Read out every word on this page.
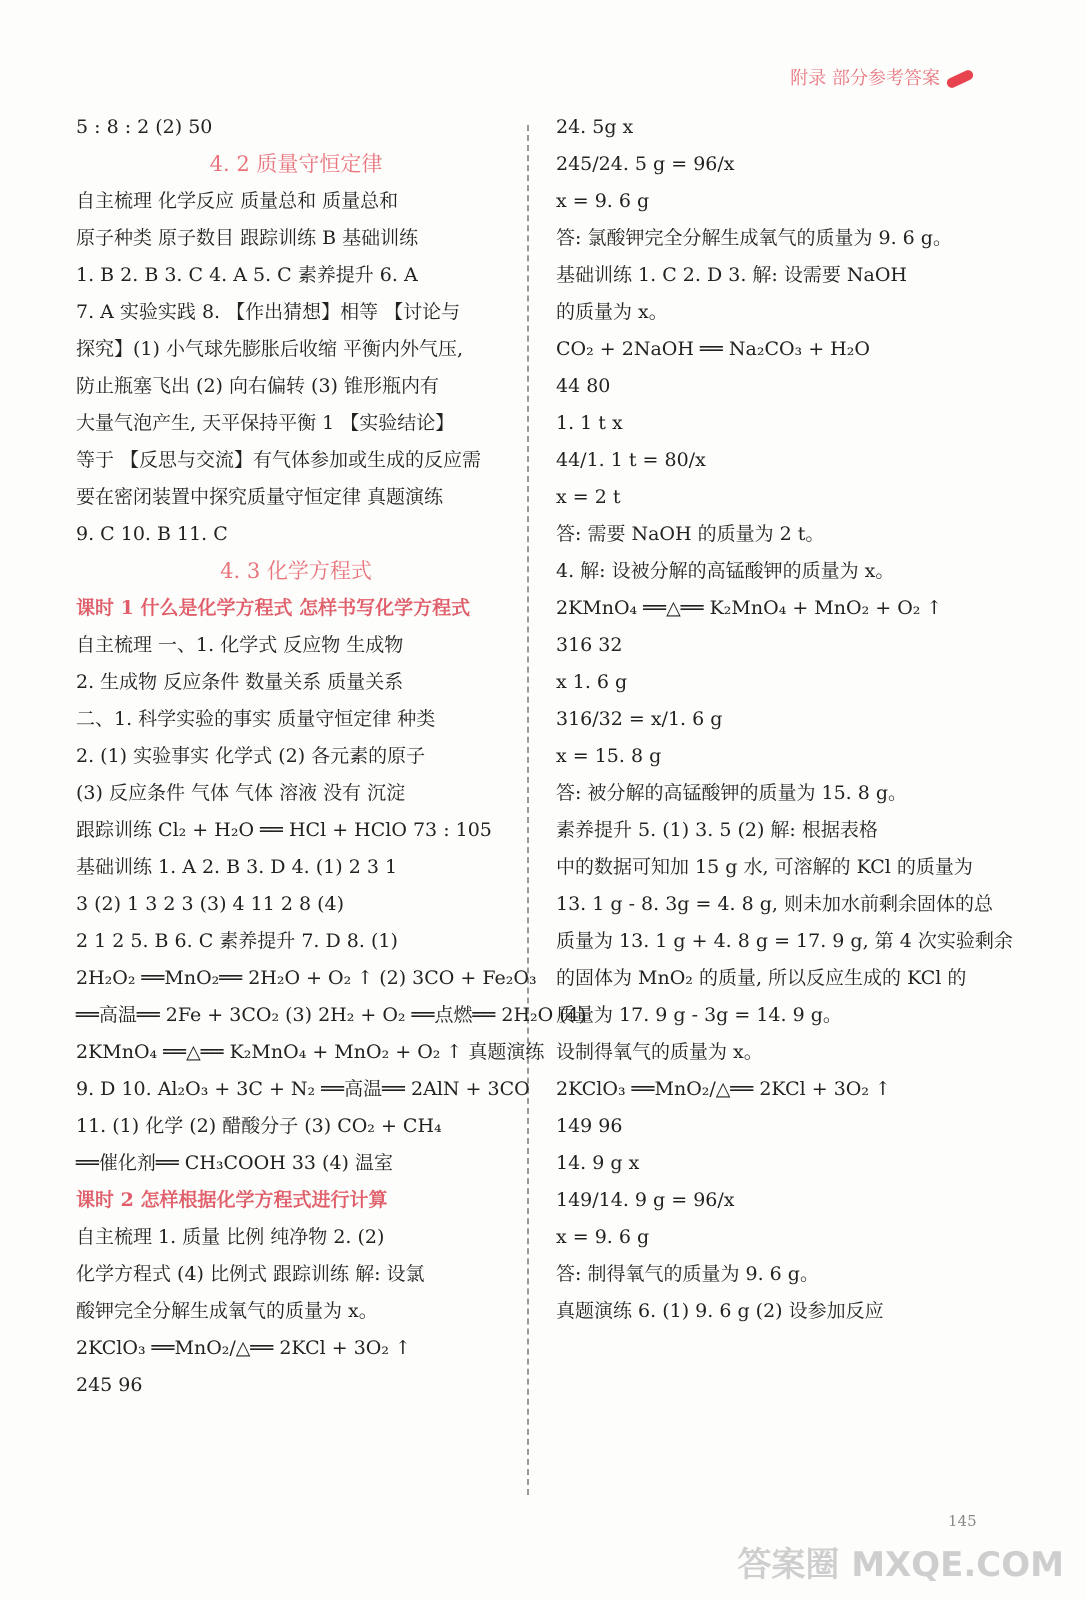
附录 部分参考答案
5 : 8 : 2 (2) 50
4. 2 质量守恒定律
自主梳理 化学反应 质量总和 质量总和
原子种类 原子数目 跟踪训练 B 基础训练
1. B 2. B 3. C 4. A 5. C 素养提升 6. A
7. A 实验实践 8. 【作出猜想】相等 【讨论与
探究】(1) 小气球先膨胀后收缩 平衡内外气压,
防止瓶塞飞出 (2) 向右偏转 (3) 锥形瓶内有
大量气泡产生, 天平保持平衡 1 【实验结论】
等于 【反思与交流】有气体参加或生成的反应需
要在密闭装置中探究质量守恒定律 真题演练
9. C 10. B 11. C
4. 3 化学方程式
课时 1 什么是化学方程式 怎样书写化学方程式
自主梳理 一、1. 化学式 反应物 生成物
2. 生成物 反应条件 数量关系 质量关系
二、1. 科学实验的事实 质量守恒定律 种类
2. (1) 实验事实 化学式 (2) 各元素的原子
(3) 反应条件 气体 气体 溶液 没有 沉淀
跟踪训练 Cl₂ + H₂O ══ HCl + HClO 73 : 105
基础训练 1. A 2. B 3. D 4. (1) 2 3 1
3 (2) 1 3 2 3 (3) 4 11 2 8 (4)
2 1 2 5. B 6. C 素养提升 7. D 8. (1)
2H₂O₂ ══MnO₂══ 2H₂O + O₂ ↑ (2) 3CO + Fe₂O₃
══高温══ 2Fe + 3CO₂ (3) 2H₂ + O₂ ══点燃══ 2H₂O (4)
2KMnO₄ ══△══ K₂MnO₄ + MnO₂ + O₂ ↑ 真题演练
9. D 10. Al₂O₃ + 3C + N₂ ══高温══ 2AlN + 3CO
11. (1) 化学 (2) 醋酸分子 (3) CO₂ + CH₄
══催化剂══ CH₃COOH 33 (4) 温室
课时 2 怎样根据化学方程式进行计算
自主梳理 1. 质量 比例 纯净物 2. (2)
化学方程式 (4) 比例式 跟踪训练 解: 设氯
酸钾完全分解生成氧气的质量为 x。
2KClO₃ ══MnO₂/△══ 2KCl + 3O₂ ↑
245 96
24. 5g x
245/24. 5 g = 96/x
x = 9. 6 g
答: 氯酸钾完全分解生成氧气的质量为 9. 6 g。
基础训练 1. C 2. D 3. 解: 设需要 NaOH
的质量为 x。
CO₂ + 2NaOH ══ Na₂CO₃ + H₂O
44 80
1. 1 t x
44/1. 1 t = 80/x
x = 2 t
答: 需要 NaOH 的质量为 2 t。
4. 解: 设被分解的高锰酸钾的质量为 x。
2KMnO₄ ══△══ K₂MnO₄ + MnO₂ + O₂ ↑
316 32
x 1. 6 g
316/32 = x/1. 6 g
x = 15. 8 g
答: 被分解的高锰酸钾的质量为 15. 8 g。
素养提升 5. (1) 3. 5 (2) 解: 根据表格
中的数据可知加 15 g 水, 可溶解的 KCl 的质量为
13. 1 g - 8. 3g = 4. 8 g, 则未加水前剩余固体的总
质量为 13. 1 g + 4. 8 g = 17. 9 g, 第 4 次实验剩余
的固体为 MnO₂ 的质量, 所以反应生成的 KCl 的
质量为 17. 9 g - 3g = 14. 9 g。
设制得氧气的质量为 x。
2KClO₃ ══MnO₂/△══ 2KCl + 3O₂ ↑
149 96
14. 9 g x
149/14. 9 g = 96/x
x = 9. 6 g
答: 制得氧气的质量为 9. 6 g。
真题演练 6. (1) 9. 6 g (2) 设参加反应
145
答案圈 MXQE.COM
